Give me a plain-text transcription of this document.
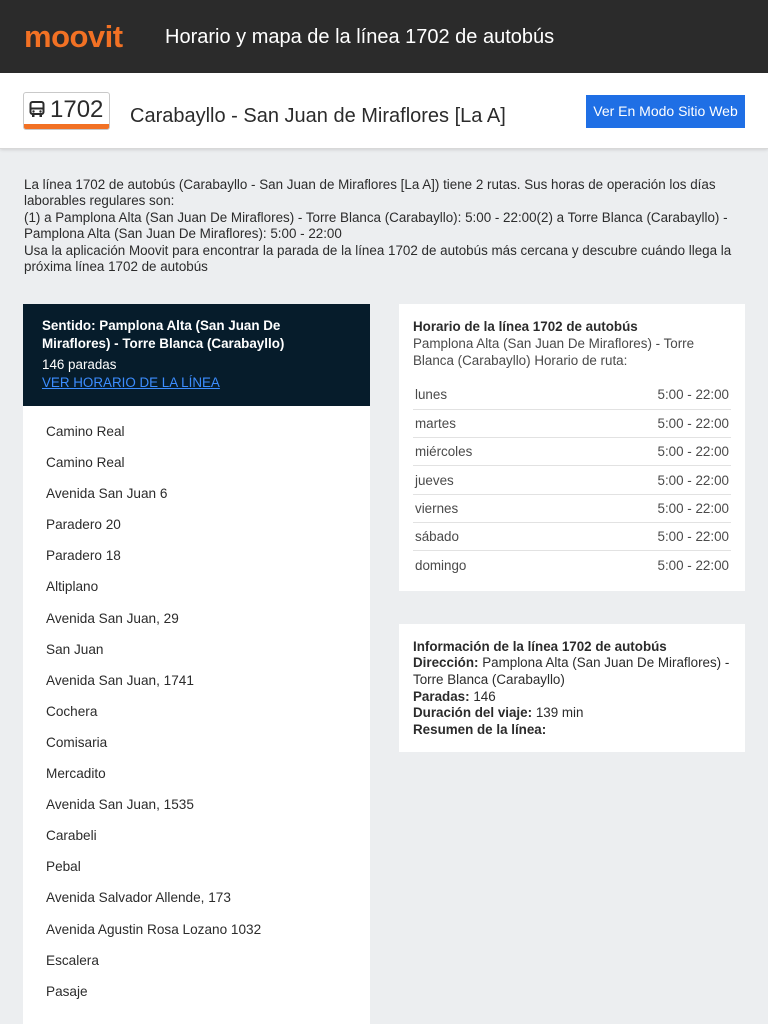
moovit Horario y mapa de la línea 1702 de autobús
1702 Carabayllo - San Juan de Miraflores [La A]	Ver En Modo Sitio Web
La línea 1702 de autobús (Carabayllo - San Juan de Miraflores [La A]) tiene 2 rutas. Sus horas de operación los días laborables regulares son:
(1) a Pamplona Alta (San Juan De Miraflores) - Torre Blanca (Carabayllo): 5:00 - 22:00(2) a Torre Blanca (Carabayllo) - Pamplona Alta (San Juan De Miraflores): 5:00 - 22:00
Usa la aplicación Moovit para encontrar la parada de la línea 1702 de autobús más cercana y descubre cuándo llega la próxima línea 1702 de autobús
Sentido: Pamplona Alta (San Juan De Miraflores) - Torre Blanca (Carabayllo)
146 paradas
VER HORARIO DE LA LÍNEA
Camino Real
Camino Real
Avenida San Juan 6
Paradero 20
Paradero 18
Altiplano
Avenida San Juan, 29
San Juan
Avenida San Juan, 1741
Cochera
Comisaria
Mercadito
Avenida San Juan, 1535
Carabeli
Pebal
Avenida Salvador Allende, 173
Avenida Agustin Rosa Lozano 1032
Escalera
Pasaje
Horario de la línea 1702 de autobús
Pamplona Alta (San Juan De Miraflores) - Torre Blanca (Carabayllo) Horario de ruta:
lunes	5:00 - 22:00
martes	5:00 - 22:00
miércoles	5:00 - 22:00
jueves	5:00 - 22:00
viernes	5:00 - 22:00
sábado	5:00 - 22:00
domingo	5:00 - 22:00
Información de la línea 1702 de autobús
Dirección: Pamplona Alta (San Juan De Miraflores) - Torre Blanca (Carabayllo)
Paradas: 146
Duración del viaje: 139 min
Resumen de la línea:
